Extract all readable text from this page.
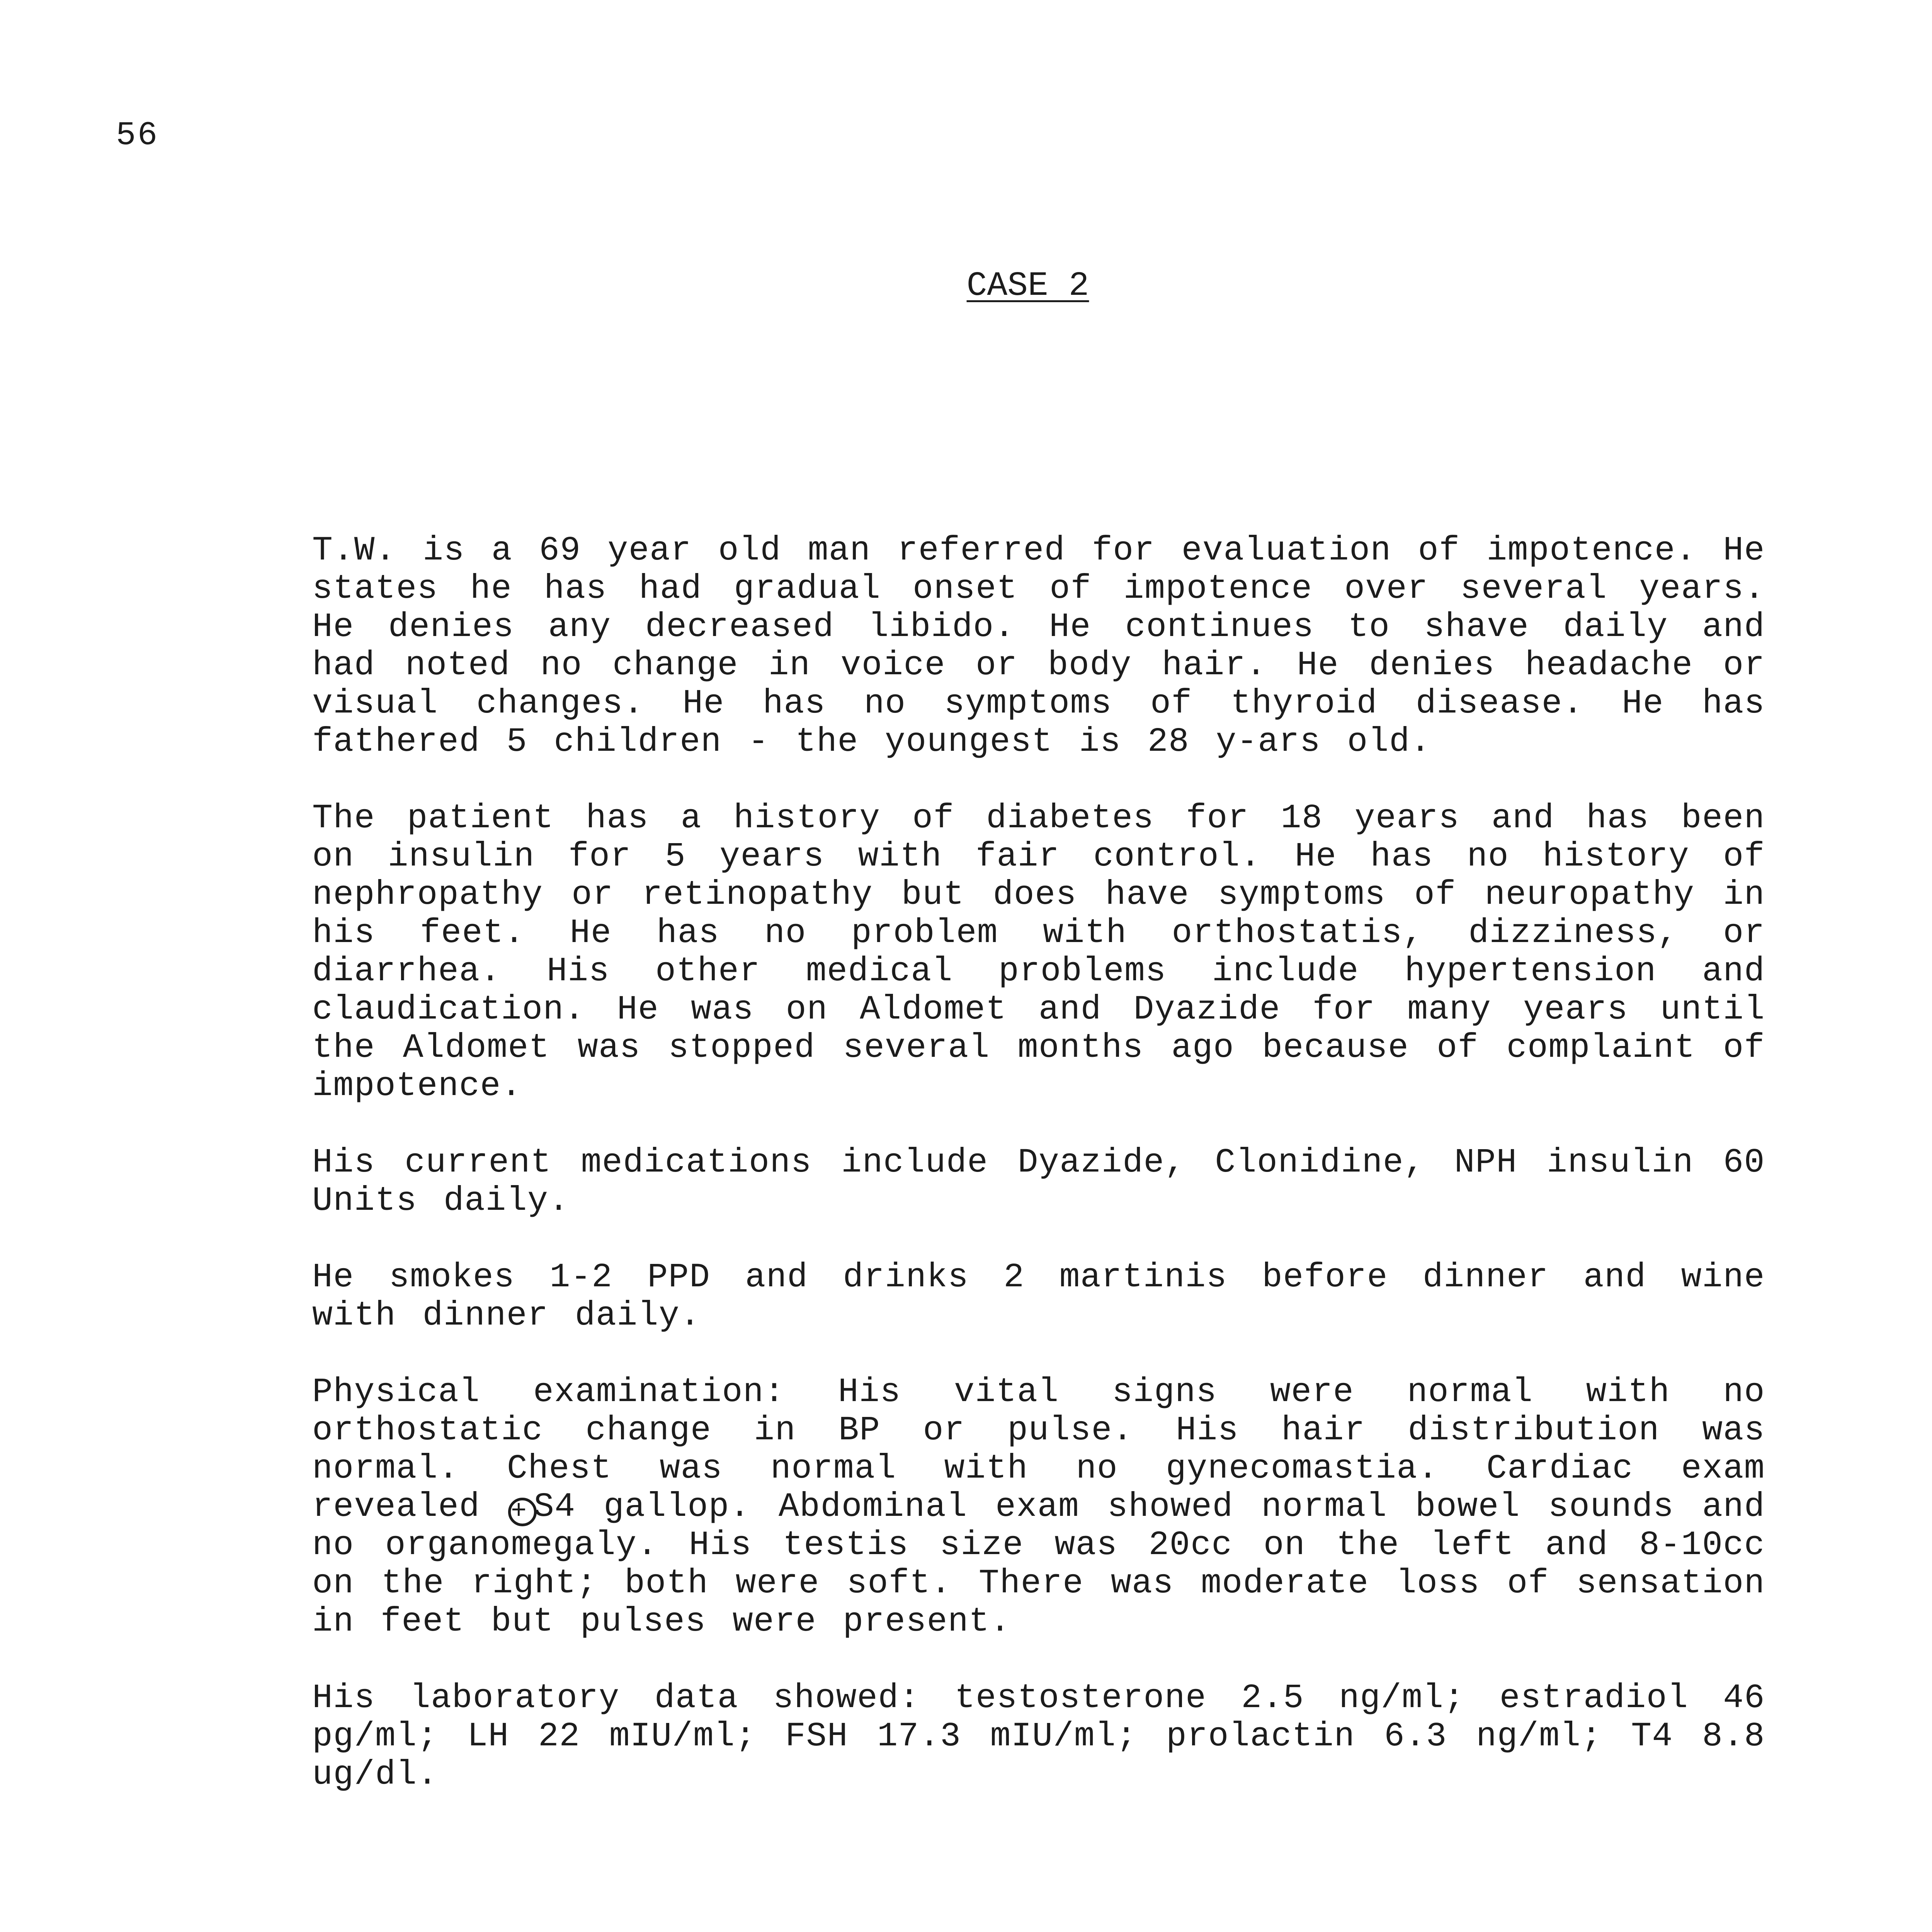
56
CASE 2

T.W. is a 69 year old man referred for evaluation of impotence. He states he has had gradual onset of impotence over several years. He denies any decreased libido. He continues to shave daily and had noted no change in voice or body hair. He denies headache or visual changes. He has no symptoms of thyroid disease. He has fathered 5 children - the youngest is 28 y-ars old.

The patient has a history of diabetes for 18 years and has been on insulin for 5 years with fair control. He has no history of nephropathy or retinopathy but does have symptoms of neuropathy in his feet. He has no problem with orthostatis, dizziness, or diarrhea. His other medical problems include hypertension and claudication. He was on Aldomet and Dyazide for many years until the Aldomet was stopped several months ago because of complaint of impotence.

His current medications include Dyazide, Clonidine, NPH insulin 60 Units daily.

He smokes 1-2 PPD and drinks 2 martinis before dinner and wine with dinner daily.

Physical examination: His vital signs were normal with no orthostatic change in BP or pulse. His hair distribution was normal. Chest was normal with no gynecomastia. Cardiac exam revealed + S4 gallop. Abdominal exam showed normal bowel sounds and no organomegaly. His testis size was 20cc on the left and 8-10cc on the right; both were soft. There was moderate loss of sensation in feet but pulses were present.

His laboratory data showed: testosterone 2.5 ng/ml; estradiol 46 pg/ml; LH 22 mIU/ml; FSH 17.3 mIU/ml; prolactin 6.3 ng/ml; T4 8.8 ug/dl.
